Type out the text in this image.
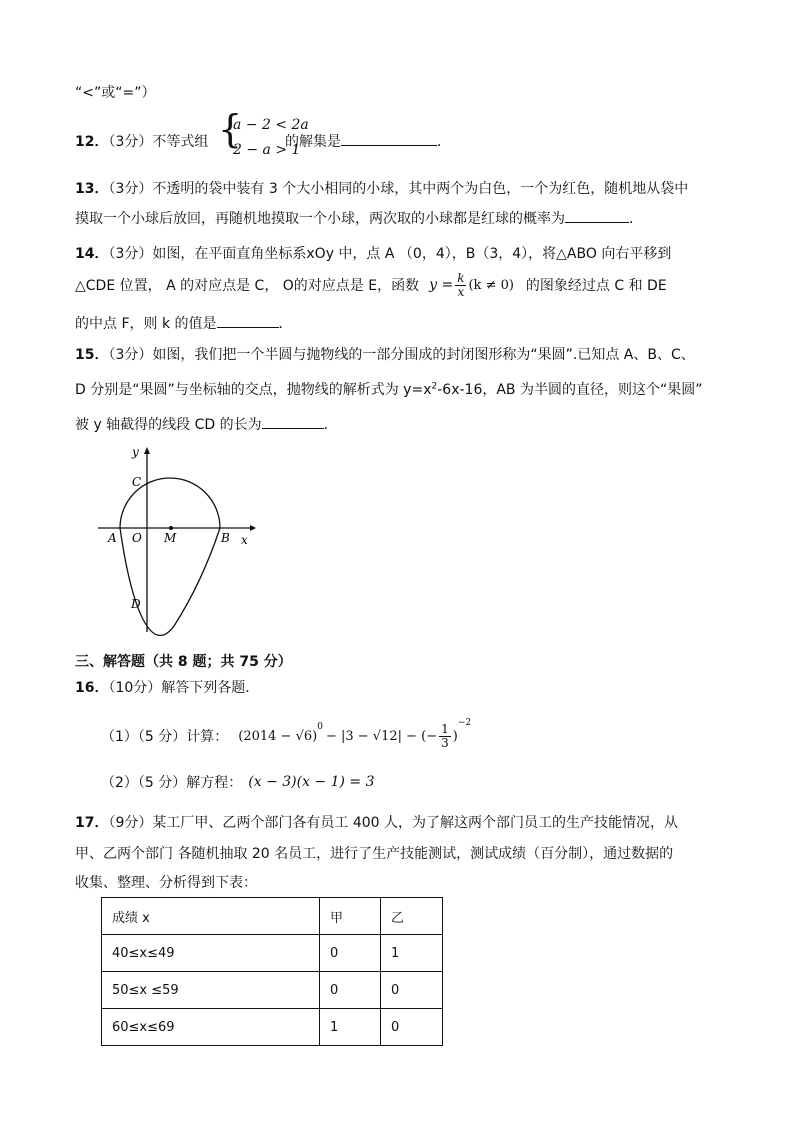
“<”或“=”）
12．（3分）不等式组 {
a − 2 < 2a
2 − a > 1
的解集是	．
13．（3分）不透明的袋中装有 3 个大小相同的小球，其中两个为白色，一个为红色，随机地从袋中
摸取一个小球后放回，再随机地摸取一个小球，两次取的小球都是红球的概率为	．
14．（3分）如图，在平面直角坐标系xOy 中，点 A （0，4），B（3，4），将△ABO 向右平移到
△CDE 位置， A 的对应点是 C， O的对应点是 E，函数 $y = \frac{k}{x} (k \ne 0)$ 的图象经过点 C 和 DE
的中点 F，则 k 的值是	．
15．（3分）如图，我们把一个半圆与抛物线的一部分围成的封闭图形称为“果圆”.已知点 A、B、C、
D 分别是“果圆”与坐标轴的交点，抛物线的解析式为 $y=x^2-6x-16$，AB 为半圆的直径，则这个“果圆”
被 y 轴截得的线段 CD 的长为	.
y
x
C
A O M	B
D
三、解答题（共 8 题；共 75 分）
16．（10分）解答下列各题．
（1）（5 分）计算： (2014 − √6)
$^0$
− |3 − √12| − (− $\frac{1}{3}$ )
−2
（2）（5 分）解方程： (x − 3)(x − 1) = 3
17．（9分）某工厂甲、乙两个部门各有员工 400 人，为了解这两个部门员工的生产技能情况，从
甲、乙两个部门 各随机抽取 20 名员工，进行了生产技能测试，测试成绩（百分制），通过数据的
收集、整理、分析得到下表：
成绩 x	甲	乙
40≤x≤49	0	1
50≤x ≤59	0	0
60≤x≤69	1	0
